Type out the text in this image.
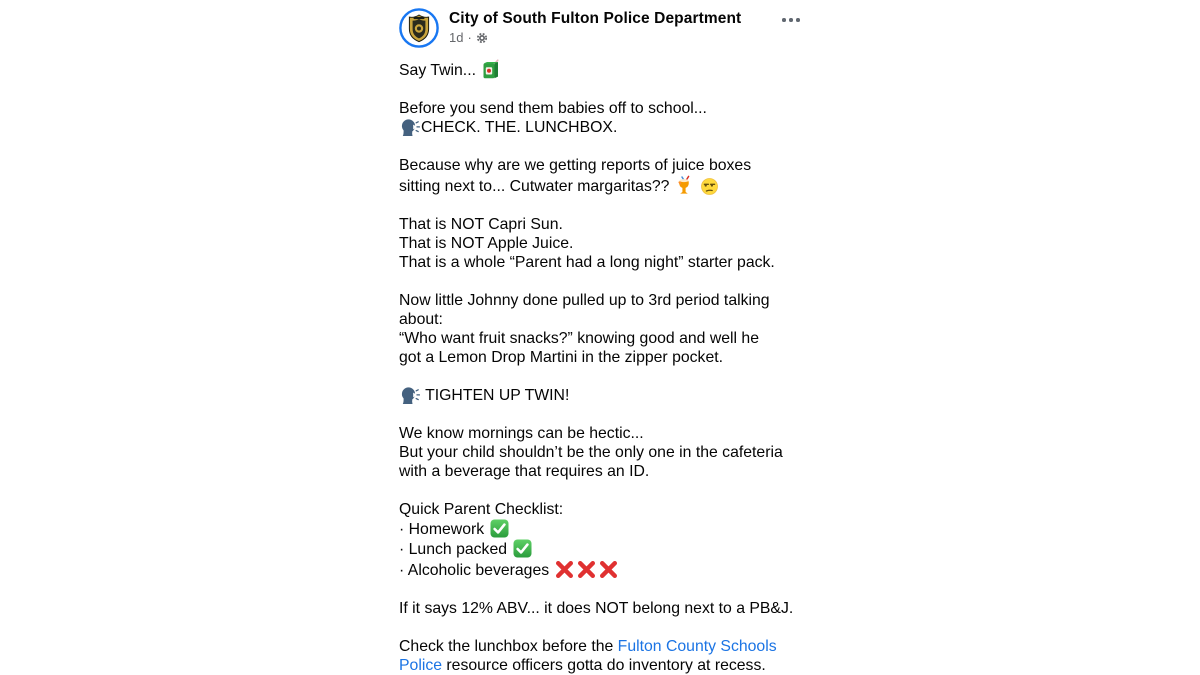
City of South Fulton Police Department
1d ·
Say Twin...
Before you send them babies off to school...
CHECK. THE. LUNCHBOX.
Because why are we getting reports of juice boxes
sitting next to... Cutwater margaritas??
That is NOT Capri Sun.
That is NOT Apple Juice.
That is a whole “Parent had a long night” starter pack.
Now little Johnny done pulled up to 3rd period talking
about:
“Who want fruit snacks?” knowing good and well he
got a Lemon Drop Martini in the zipper pocket.
TIGHTEN UP TWIN!
We know mornings can be hectic...
But your child shouldn’t be the only one in the cafeteria
with a beverage that requires an ID.
Quick Parent Checklist:
· Homework
· Lunch packed
· Alcoholic beverages
If it says 12% ABV... it does NOT belong next to a PB&J.
Check the lunchbox before the Fulton County Schools
Police resource officers gotta do inventory at recess.
